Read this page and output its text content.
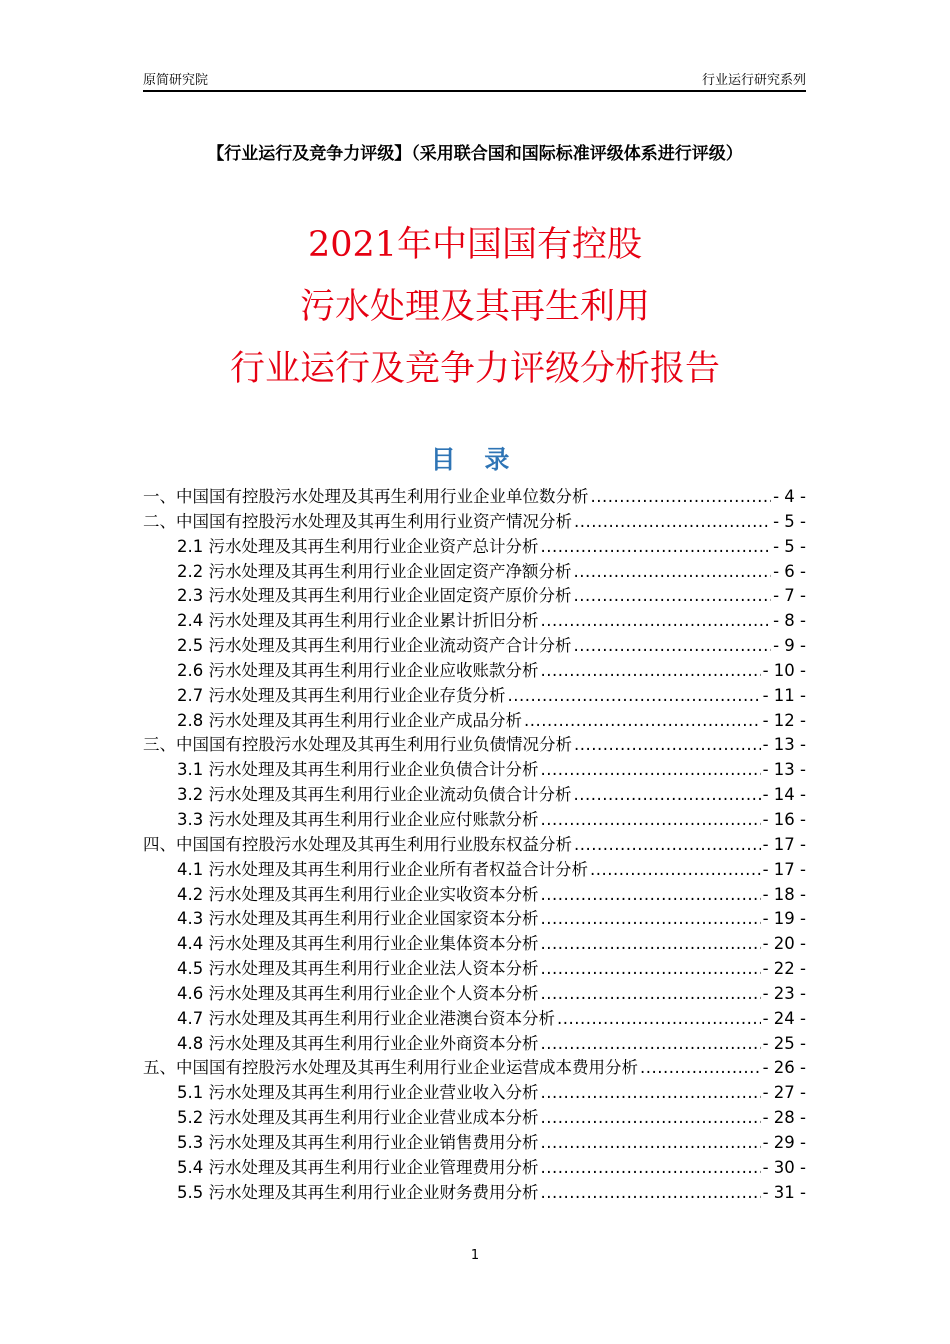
原简研究院	行业运行研究系列
【行业运行及竞争力评级】（采用联合国和国际标准评级体系进行评级）
2021年中国国有控股
污水处理及其再生利用
行业运行及竞争力评级分析报告
目 录
一、中国国有控股污水处理及其再生利用行业企业单位数分析 .....	- 4 -
二、中国国有控股污水处理及其再生利用行业资产情况分析 .....	- 5 -
2.1 污水处理及其再生利用行业企业资产总计分析 .....	- 5 -
2.2 污水处理及其再生利用行业企业固定资产净额分析 .....	- 6 -
2.3 污水处理及其再生利用行业企业固定资产原价分析 .....	- 7 -
2.4 污水处理及其再生利用行业企业累计折旧分析 .....	- 8 -
2.5 污水处理及其再生利用行业企业流动资产合计分析 .....	- 9 -
2.6 污水处理及其再生利用行业企业应收账款分析 .....	- 10 -
2.7 污水处理及其再生利用行业企业存货分析 .....	- 11 -
2.8 污水处理及其再生利用行业企业产成品分析 .....	- 12 -
三、中国国有控股污水处理及其再生利用行业负债情况分析 .....	- 13 -
3.1 污水处理及其再生利用行业企业负债合计分析 .....	- 13 -
3.2 污水处理及其再生利用行业企业流动负债合计分析 .....	- 14 -
3.3 污水处理及其再生利用行业企业应付账款分析 .....	- 16 -
四、中国国有控股污水处理及其再生利用行业股东权益分析 .....	- 17 -
4.1 污水处理及其再生利用行业企业所有者权益合计分析 .....	- 17 -
4.2 污水处理及其再生利用行业企业实收资本分析 .....	- 18 -
4.3 污水处理及其再生利用行业企业国家资本分析 .....	- 19 -
4.4 污水处理及其再生利用行业企业集体资本分析 .....	- 20 -
4.5 污水处理及其再生利用行业企业法人资本分析 .....	- 22 -
4.6 污水处理及其再生利用行业企业个人资本分析 .....	- 23 -
4.7 污水处理及其再生利用行业企业港澳台资本分析 .....	- 24 -
4.8 污水处理及其再生利用行业企业外商资本分析 .....	- 25 -
五、中国国有控股污水处理及其再生利用行业企业运营成本费用分析 .....	- 26 -
5.1 污水处理及其再生利用行业企业营业收入分析 .....	- 27 -
5.2 污水处理及其再生利用行业企业营业成本分析 .....	- 28 -
5.3 污水处理及其再生利用行业企业销售费用分析 .....	- 29 -
5.4 污水处理及其再生利用行业企业管理费用分析 .....	- 30 -
5.5 污水处理及其再生利用行业企业财务费用分析 .....	- 31 -
1
